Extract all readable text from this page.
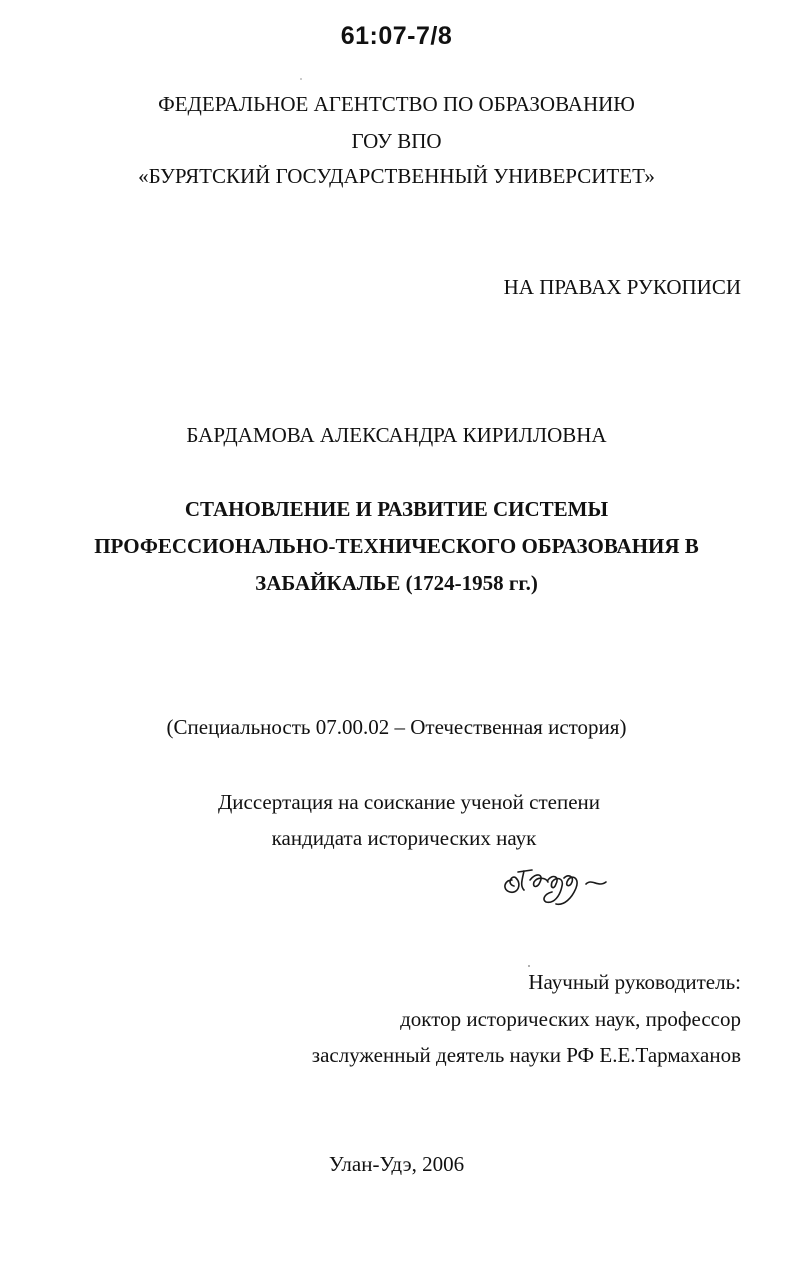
61:07-7/8
ФЕДЕРАЛЬНОЕ АГЕНТСТВО ПО ОБРАЗОВАНИЮ
ГОУ ВПО
«БУРЯТСКИЙ ГОСУДАРСТВЕННЫЙ УНИВЕРСИТЕТ»
НА ПРАВАХ РУКОПИСИ
БАРДАМОВА АЛЕКСАНДРА КИРИЛЛОВНА
СТАНОВЛЕНИЕ И РАЗВИТИЕ СИСТЕМЫ
ПРОФЕССИОНАЛЬНО-ТЕХНИЧЕСКОГО ОБРАЗОВАНИЯ В
ЗАБАЙКАЛЬЕ (1724-1958 гг.)
(Специальность 07.00.02 – Отечественная история)
Диссертация на соискание ученой степени
кандидата исторических наук
Научный руководитель:
доктор исторических наук, профессор
заслуженный деятель науки РФ Е.Е.Тармаханов
Улан-Удэ, 2006
